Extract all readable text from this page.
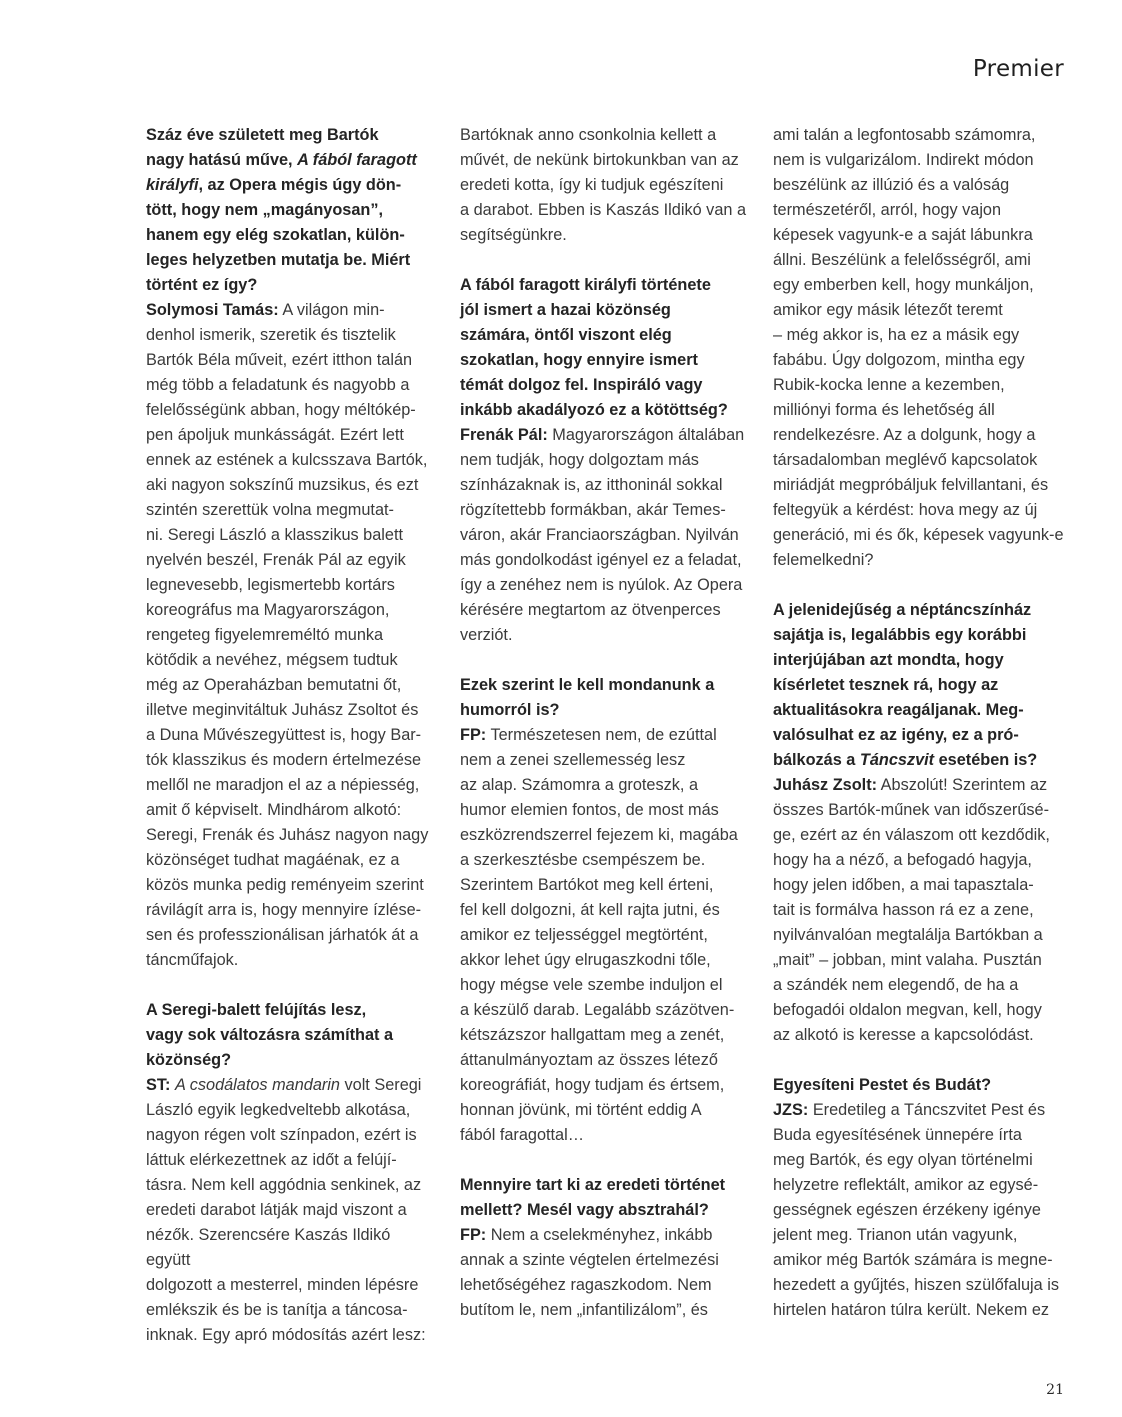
Premier

Száz éve született meg Bartók
nagy hatású műve, A fából faragott
királyfi, az Opera mégis úgy dön-
tött, hogy nem „magányosan”,
hanem egy elég szokatlan, külön-
leges helyzetben mutatja be. Miért
történt ez így?

Solymosi Tamás: A világon min-
denhol ismerik, szeretik és tisztelik
Bartók Béla műveit, ezért itthon talán
még több a feladatunk és nagyobb a
felelősségünk abban, hogy méltókép-
pen ápoljuk munkásságát. Ezért lett
ennek az estének a kulcsszava Bartók,
aki nagyon sokszínű muzsikus, és ezt
szintén szerettük volna megmutat-
ni. Seregi László a klasszikus balett
nyelvén beszél, Frenák Pál az egyik
legnevesebb, legismertebb kortárs
koreográfus ma Magyarországon,
rengeteg figyelemreméltó munka
kötődik a nevéhez, mégsem tudtuk
még az Operaházban bemutatni őt,
illetve meginvitáltuk Juhász Zsoltot és
a Duna Művészegyüttest is, hogy Bar-
tók klasszikus és modern értelmezése
mellől ne maradjon el az a népiesség,
amit ő képviselt. Mindhárom alkotó:
Seregi, Frenák és Juhász nagyon nagy
közönséget tudhat magáénak, ez a
közös munka pedig reményeim szerint
rávilágít arra is, hogy mennyire ízlése-
sen és professzionálisan járhatók át a
táncműfajok.

A Seregi-balett felújítás lesz,
vagy sok változásra számíthat a
közönség?

ST: A csodálatos mandarin volt Seregi
László egyik legkedveltebb alkotása,
nagyon régen volt színpadon, ezért is
láttuk elérkezettnek az időt a felújí-
tásra. Nem kell aggódnia senkinek, az
eredeti darabot látják majd viszont a
nézők. Szerencsére Kaszás Ildikó együtt
dolgozott a mesterrel, minden lépésre
emlékszik és be is tanítja a táncosa-
inknak. Egy apró módosítás azért lesz:

Bartóknak anno csonkolnia kellett a
művét, de nekünk birtokunkban van az
eredeti kotta, így ki tudjuk egészíteni
a darabot. Ebben is Kaszás Ildikó van a
segítségünkre.

A fából faragott királyfi története
jól ismert a hazai közönség
számára, öntől viszont elég
szokatlan, hogy ennyire ismert
témát dolgoz fel. Inspiráló vagy
inkább akadályozó ez a kötöttség?

Frenák Pál: Magyarországon általában
nem tudják, hogy dolgoztam más
színházaknak is, az itthoninál sokkal
rögzítettebb formákban, akár Temes-
váron, akár Franciaországban. Nyilván
más gondolkodást igényel ez a feladat,
így a zenéhez nem is nyúlok. Az Opera
kérésére megtartom az ötvenperces
verziót.

Ezek szerint le kell mondanunk a
humorról is?

FP: Természetesen nem, de ezúttal
nem a zenei szellemesség lesz
az alap. Számomra a groteszk, a
humor elemien fontos, de most más
eszközrendszerrel fejezem ki, magába
a szerkesztésbe csempészem be.
Szerintem Bartókot meg kell érteni,
fel kell dolgozni, át kell rajta jutni, és
amikor ez teljességgel megtörtént,
akkor lehet úgy elrugaszkodni tőle,
hogy mégse vele szembe induljon el
a készülő darab. Legalább százötven-
kétszázszor hallgattam meg a zenét,
áttanulmányoztam az összes létező
koreográfiát, hogy tudjam és értsem,
honnan jövünk, mi történt eddig A
fából faragottal…

Mennyire tart ki az eredeti történet
mellett? Mesél vagy absztrahál?

FP: Nem a cselekményhez, inkább
annak a szinte végtelen értelmezési
lehetőségéhez ragaszkodom. Nem
butítom le, nem „infantilizálom”, és

ami talán a legfontosabb számomra,
nem is vulgarizálom. Indirekt módon
beszélünk az illúzió és a valóság
természetéről, arról, hogy vajon
képesek vagyunk-e a saját lábunkra
állni. Beszélünk a felelősségről, ami
egy emberben kell, hogy munkáljon,
amikor egy másik létezőt teremt
– még akkor is, ha ez a másik egy
fabábu. Úgy dolgozom, mintha egy
Rubik-kocka lenne a kezemben,
milliónyi forma és lehetőség áll
rendelkezésre. Az a dolgunk, hogy a
társadalomban meglévő kapcsolatok
miriádját megpróbáljuk felvillantani, és
feltegyük a kérdést: hova megy az új
generáció, mi és ők, képesek vagyunk-e
felemelkedni?

A jelenidejűség a néptáncszínház
sajátja is, legalábbis egy korábbi
interjújában azt mondta, hogy
kísérletet tesznek rá, hogy az
aktualitásokra reagáljanak. Meg-
valósulhat ez az igény, ez a pró-
bálkozás a Táncszvit esetében is?

Juhász Zsolt: Abszolút! Szerintem az
összes Bartók-műnek van időszerűsé-
ge, ezért az én válaszom ott kezdődik,
hogy ha a néző, a befogadó hagyja,
hogy jelen időben, a mai tapasztala-
tait is formálva hasson rá ez a zene,
nyilvánvalóan megtalálja Bartókban a
„mait” – jobban, mint valaha. Pusztán
a szándék nem elegendő, de ha a
befogadói oldalon megvan, kell, hogy
az alkotó is keresse a kapcsolódást.

Egyesíteni Pestet és Budát?

JZS: Eredetileg a Táncszvitet Pest és
Buda egyesítésének ünnepére írta
meg Bartók, és egy olyan történelmi
helyzetre reflektált, amikor az egysé-
gességnek egészen érzékeny igénye
jelent meg. Trianon után vagyunk,
amikor még Bartók számára is megne-
hezedett a gyűjtés, hiszen szülőfaluja is
hirtelen határon túlra került. Nekem ez

21
